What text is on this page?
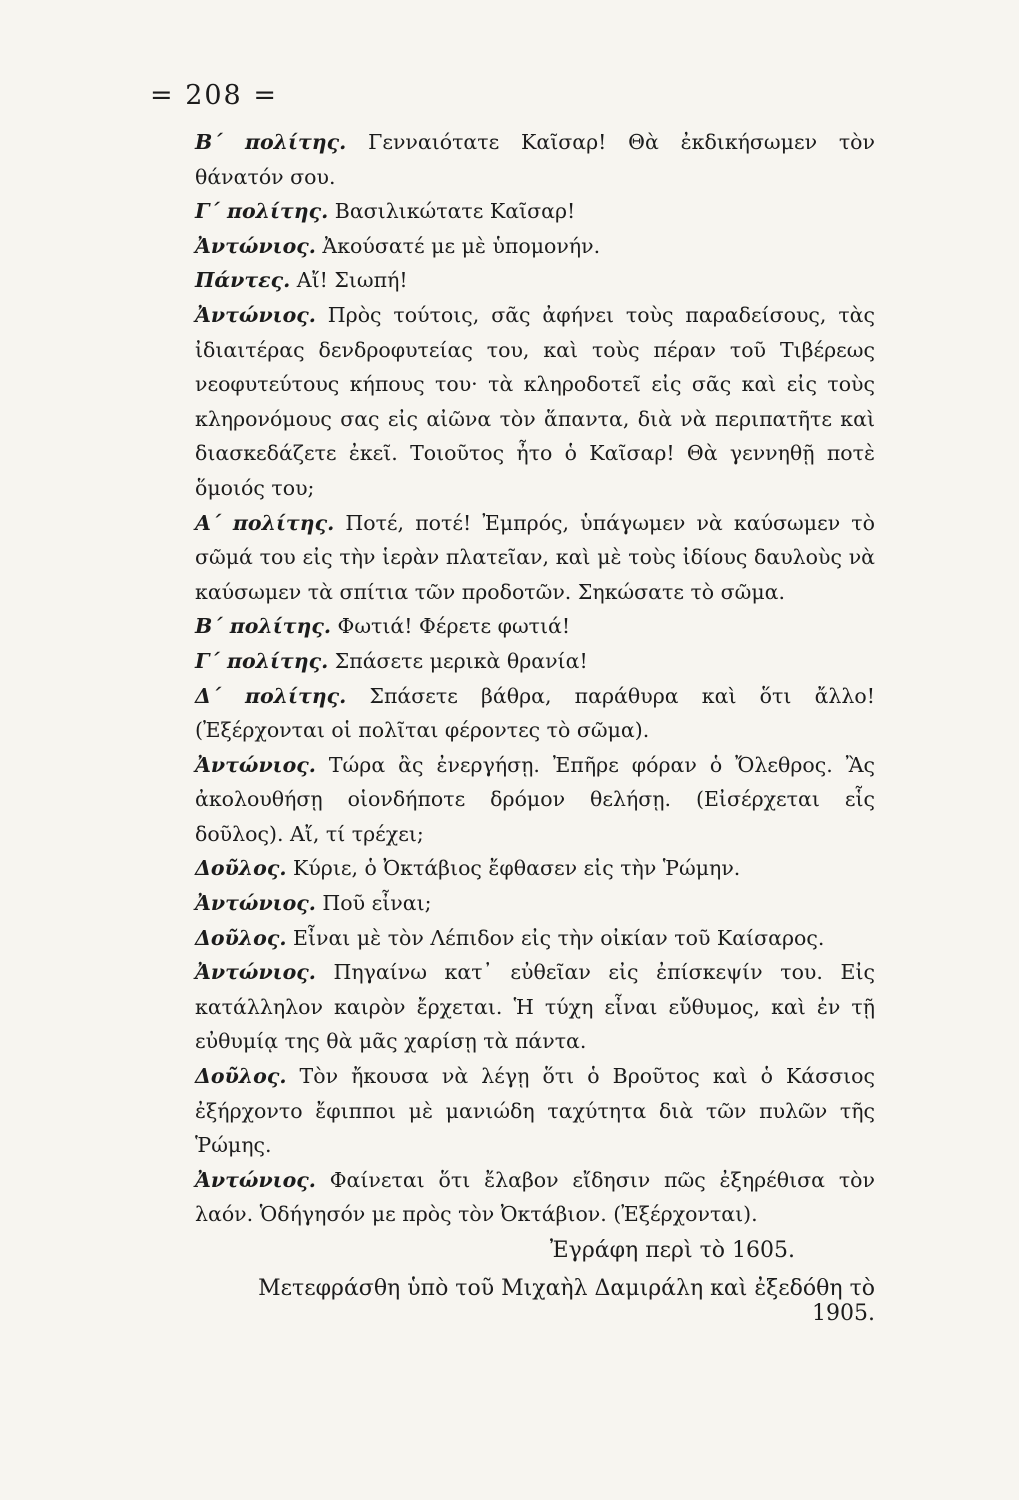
= 208 =

Β΄ πολίτης. Γενναιότατε Καῖσαρ! Θὰ ἐκδικήσωμεν τὸν θάνατόν σου.

Γ΄ πολίτης. Βασιλικώτατε Καῖσαρ!

Ἀντώνιος. Ἀκούσατέ με μὲ ὑπομονήν.

Πάντες. Αἴ! Σιωπή!

Ἀντώνιος. Πρὸς τούτοις, σᾶς ἀφήνει τοὺς παραδείσους, τὰς ἰδιαιτέρας δενδροφυτείας του, καὶ τοὺς πέραν τοῦ Τιβέρεως νεοφυτεύτους κήπους του· τὰ κληροδοτεῖ εἰς σᾶς καὶ εἰς τοὺς κληρονόμους σας εἰς αἰῶνα τὸν ἅπαντα, διὰ νὰ περιπατῆτε καὶ διασκεδάζετε ἐκεῖ. Τοιοῦτος ἦτο ὁ Καῖσαρ! Θὰ γεννηθῇ ποτὲ ὅμοιός του;

Α΄ πολίτης. Ποτέ, ποτέ! Ἐμπρός, ὑπάγωμεν νὰ καύσωμεν τὸ σῶμά του εἰς τὴν ἱερὰν πλατεῖαν, καὶ μὲ τοὺς ἰδίους δαυλοὺς νὰ καύσωμεν τὰ σπίτια τῶν προδοτῶν. Σηκώσατε τὸ σῶμα.

Β΄ πολίτης. Φωτιά! Φέρετε φωτιά!

Γ΄ πολίτης. Σπάσετε μερικὰ θρανία!

Δ΄ πολίτης. Σπάσετε βάθρα, παράθυρα καὶ ὅτι ἄλλο! (Ἐξέρχονται οἱ πολῖται φέροντες τὸ σῶμα).

Ἀντώνιος. Τώρα ἂς ἐνεργήσῃ. Ἐπῆρε φόραν ὁ Ὄλεθρος. Ἂς ἀκολουθήσῃ οἱονδήποτε δρόμον θελήσῃ. (Εἰσέρχεται εἷς δοῦλος). Αἴ, τί τρέχει;

Δοῦλος. Κύριε, ὁ Ὀκτάβιος ἔφθασεν εἰς τὴν Ῥώμην.

Ἀντώνιος. Ποῦ εἶναι;

Δοῦλος. Εἶναι μὲ τὸν Λέπιδον εἰς τὴν οἰκίαν τοῦ Καίσαρος.

Ἀντώνιος. Πηγαίνω κατ᾽ εὐθεῖαν εἰς ἐπίσκεψίν του. Εἰς κατάλληλον καιρὸν ἔρχεται. Ἡ τύχη εἶναι εὔθυμος, καὶ ἐν τῇ εὐθυμίᾳ της θὰ μᾶς χαρίσῃ τὰ πάντα.

Δοῦλος. Τὸν ἤκουσα νὰ λέγῃ ὅτι ὁ Βροῦτος καὶ ὁ Κάσσιος ἐξήρχοντο ἔφιπποι μὲ μανιώδη ταχύτητα διὰ τῶν πυλῶν τῆς Ῥώμης.

Ἀντώνιος. Φαίνεται ὅτι ἔλαβον εἴδησιν πῶς ἐξηρέθισα τὸν λαόν. Ὁδήγησόν με πρὸς τὸν Ὀκτάβιον. (Ἐξέρχονται).

Ἐγράφη περὶ τὸ 1605.
Μετεφράσθη ὑπὸ τοῦ Μιχαὴλ Δαμιράλη καὶ ἐξεδόθη τὸ 1905.
